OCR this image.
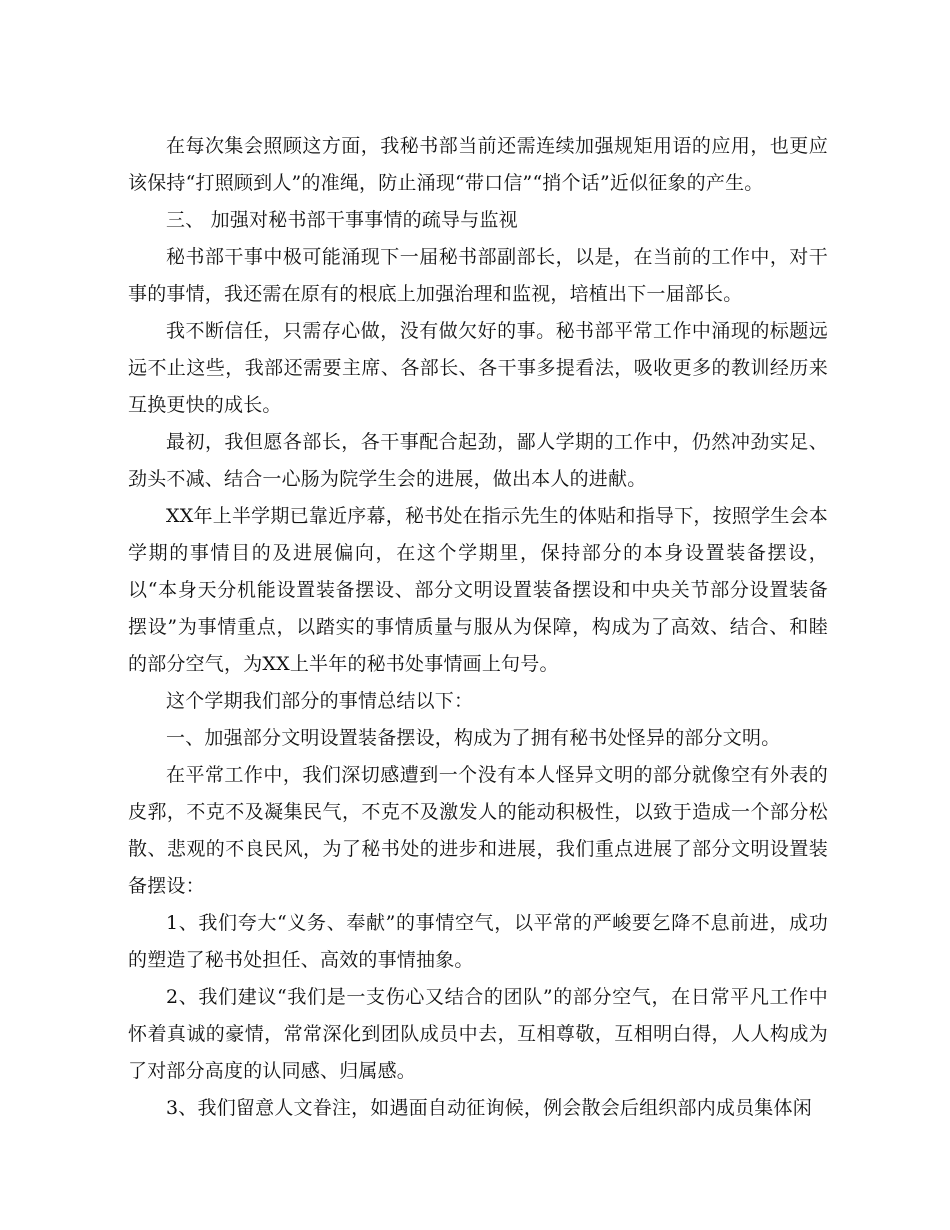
在每次集会照顾这方面，我秘书部当前还需连续加强规矩用语的应用，也更应该保持“打照顾到人”的准绳，防止涌现“带口信”“捎个话”近似征象的产生。

三、 加强对秘书部干事事情的疏导与监视

秘书部干事中极可能涌现下一届秘书部副部长，以是，在当前的工作中，对干事的事情，我还需在原有的根底上加强治理和监视，培植出下一届部长。

我不断信任，只需存心做，没有做欠好的事。秘书部平常工作中涌现的标题远远不止这些，我部还需要主席、各部长、各干事多提看法，吸收更多的教训经历来互换更快的成长。

最初，我但愿各部长，各干事配合起劲，鄙人学期的工作中，仍然冲劲实足、劲头不减、结合一心肠为院学生会的进展，做出本人的进献。

XX年上半学期已靠近序幕，秘书处在指示先生的体贴和指导下，按照学生会本学期的事情目的及进展偏向，在这个学期里，保持部分的本身设置装备摆设，以“本身天分机能设置装备摆设、部分文明设置装备摆设和中央关节部分设置装备摆设”为事情重点，以踏实的事情质量与服从为保障，构成为了高效、结合、和睦的部分空气，为XX上半年的秘书处事情画上句号。

这个学期我们部分的事情总结以下：

一、加强部分文明设置装备摆设，构成为了拥有秘书处怪异的部分文明。

在平常工作中，我们深切感遭到一个没有本人怪异文明的部分就像空有外表的皮郛，不克不及凝集民气，不克不及激发人的能动积极性，以致于造成一个部分松散、悲观的不良民风，为了秘书处的进步和进展，我们重点进展了部分文明设置装备摆设：

1、我们夸大“义务、奉献”的事情空气，以平常的严峻要乞降不息前进，成功的塑造了秘书处担任、高效的事情抽象。

2、我们建议“我们是一支伤心又结合的团队”的部分空气，在日常平凡工作中怀着真诚的豪情，常常深化到团队成员中去，互相尊敬，互相明白得，人人构成为了对部分高度的认同感、归属感。

3、我们留意人文眷注，如遇面自动征询候，例会散会后组织部内成员集体闲
